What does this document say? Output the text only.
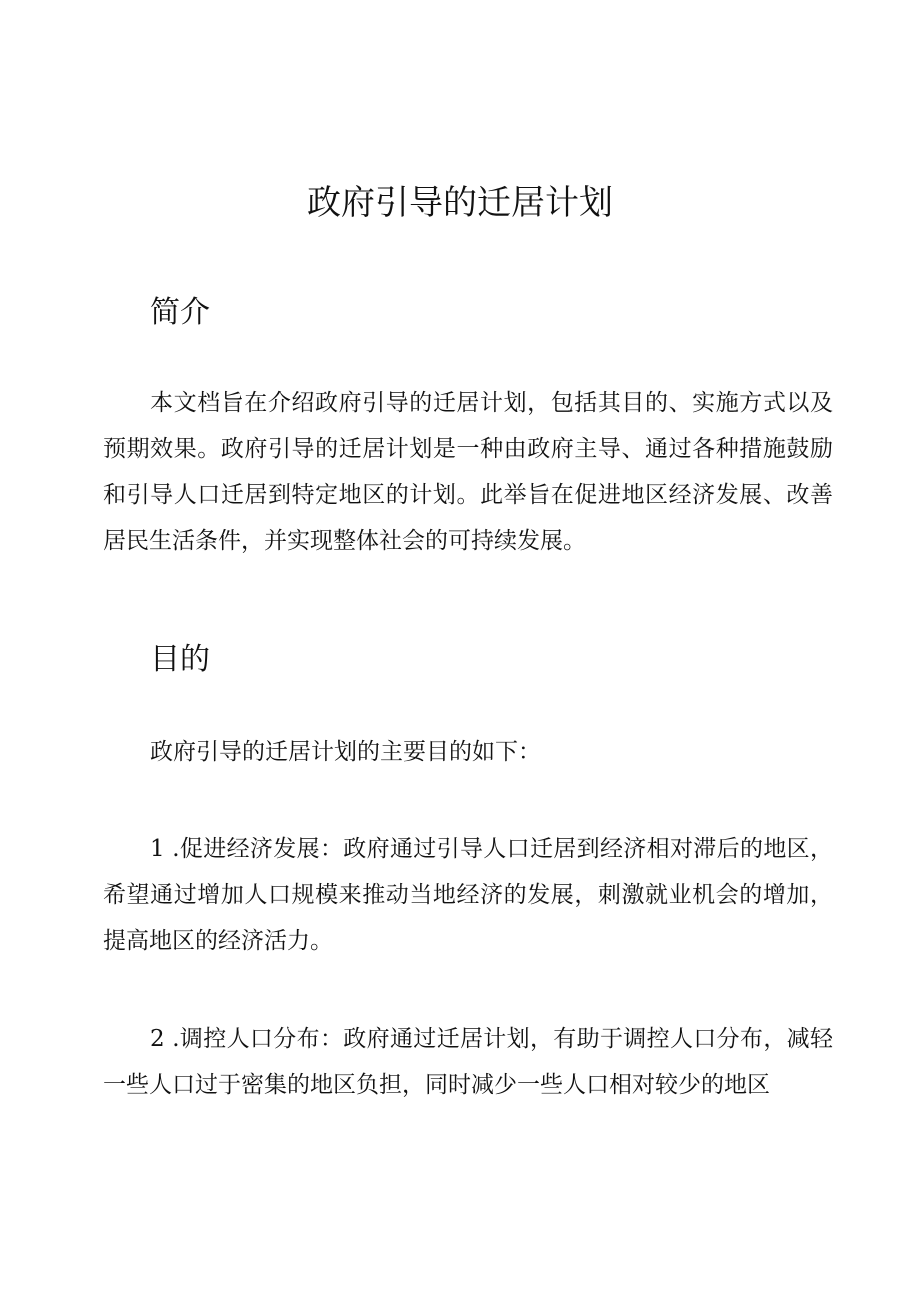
政府引导的迁居计划
简介

本文档旨在介绍政府引导的迁居计划，包括其目的、实施方式以及预期效果。政府引导的迁居计划是一种由政府主导、通过各种措施鼓励和引导人口迁居到特定地区的计划。此举旨在促进地区经济发展、改善居民生活条件，并实现整体社会的可持续发展。

目的

政府引导的迁居计划的主要目的如下：

1 .促进经济发展：政府通过引导人口迁居到经济相对滞后的地区，希望通过增加人口规模来推动当地经济的发展，刺激就业机会的增加，提高地区的经济活力。

2 .调控人口分布：政府通过迁居计划，有助于调控人口分布，减轻一些人口过于密集的地区负担，同时减少一些人口相对较少的地区
